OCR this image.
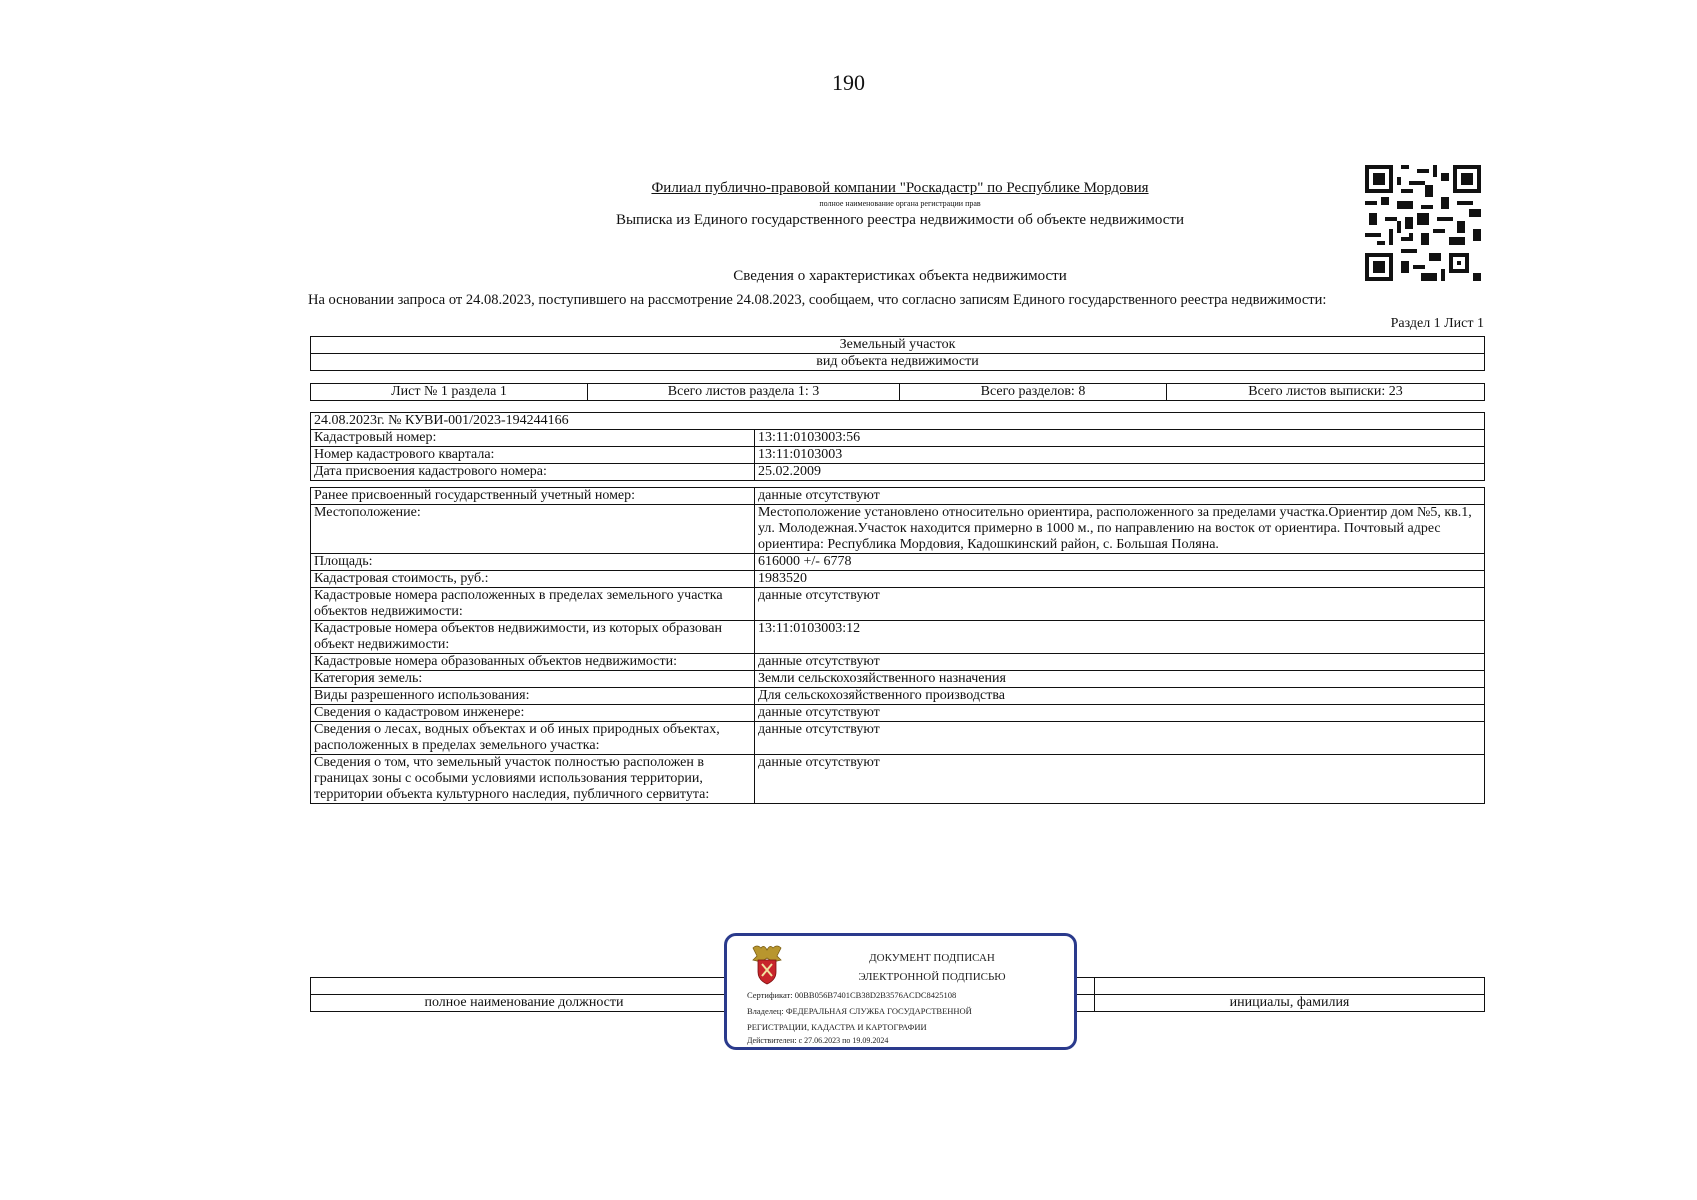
190
Филиал публично-правовой компании "Роскадастр" по Республике Мордовия
полное наименование органа регистрации прав
Выписка из Единого государственного реестра недвижимости об объекте недвижимости
Сведения о характеристиках объекта недвижимости
На основании запроса от 24.08.2023, поступившего на рассмотрение 24.08.2023, сообщаем, что согласно записям Единого государственного реестра недвижимости:
Раздел 1 Лист 1
Земельный участок
вид объекта недвижимости
Лист № 1 раздела 1	Всего листов раздела 1: 3	Всего разделов: 8	Всего листов выписки: 23
24.08.2023г. № КУВИ-001/2023-194244166	
Кадастровый номер:	13:11:0103003:56
Номер кадастрового квартала:	13:11:0103003
Дата присвоения кадастрового номера:	25.02.2009

Ранее присвоенный государственный учетный номер:	данные отсутствуют
Местоположение:	Местоположение установлено относительно ориентира, расположенного за пределами участка.Ориентир дом №5, кв.1, ул. Молодежная.Участок находится примерно в 1000 м., по направлению на восток от ориентира. Почтовый адрес ориентира: Республика Мордовия, Кадошкинский район, с. Большая Поляна.
Площадь:	616000 +/- 6778
Кадастровая стоимость, руб.:	1983520
Кадастровые номера расположенных в пределах земельного участка объектов недвижимости:	данные отсутствуют
Кадастровые номера объектов недвижимости, из которых образован объект недвижимости:	13:11:0103003:12
Кадастровые номера образованных объектов недвижимости:	данные отсутствуют
Категория земель:	Земли сельскохозяйственного назначения
Виды разрешенного использования:	Для сельскохозяйственного производства
Сведения о кадастровом инженере:	данные отсутствуют
Сведения о лесах, водных объектах и об иных природных объектах, расположенных в пределах земельного участка:	данные отсутствуют
Сведения о том, что земельный участок полностью расположен в границах зоны с особыми условиями использования территории, территории объекта культурного наследия, публичного сервитута:	данные отсутствуют

полное наименование должности		инициалы, фамилия
ДОКУМЕНТ ПОДПИСАН
ЭЛЕКТРОННОЙ ПОДПИСЬЮ
Сертификат: 00BB056B7401CB38D2B3576ACDC8425108
Владелец: ФЕДЕРАЛЬНАЯ СЛУЖБА ГОСУДАРСТВЕННОЙ
РЕГИСТРАЦИИ, КАДАСТРА И КАРТОГРАФИИ
Действителен: с 27.06.2023 по 19.09.2024
